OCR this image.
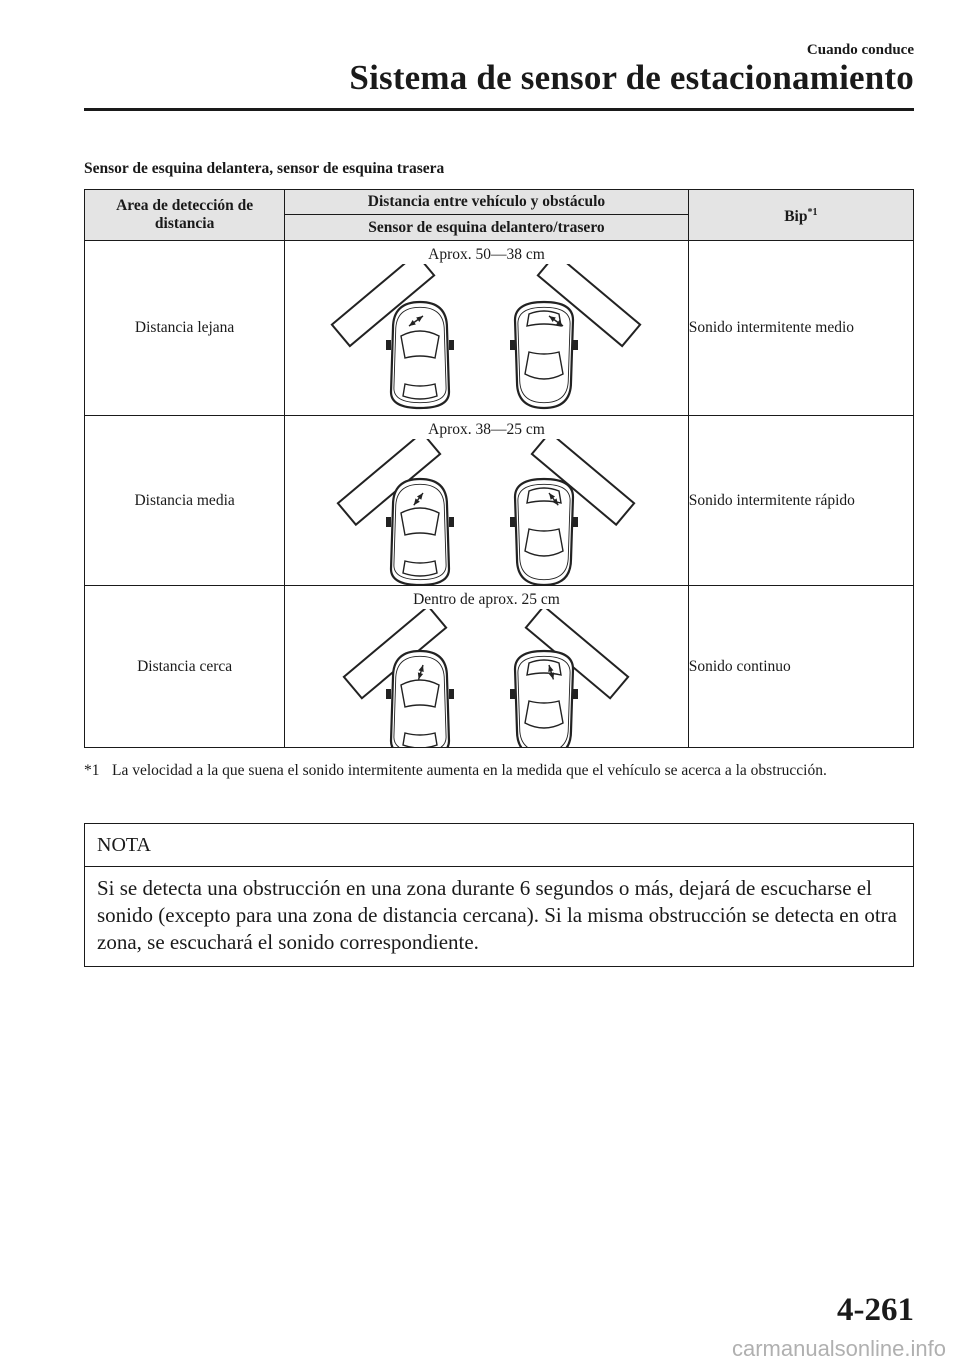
Cuando conduce
Sistema de sensor de estacionamiento
Sensor de esquina delantera, sensor de esquina trasera
Area de detección de distancia	Distancia entre vehículo y obstáculo	Bip$^{*1}$
	Sensor de esquina delantero/trasero	
Distancia lejana	Aprox. 50―38 cm	Sonido intermitente medio
Distancia media	Aprox. 38―25 cm	Sonido intermitente rápido
Distancia cerca	Dentro de aprox. 25 cm	Sonido continuo
*1 La velocidad a la que suena el sonido intermitente aumenta en la medida que el vehículo se acerca a la obstrucción.
NOTA
Si se detecta una obstrucción en una zona durante 6 segundos o más, dejará de escucharse el sonido (excepto para una zona de distancia cercana). Si la misma obstrucción se detecta en otra zona, se escuchará el sonido correspondiente.
4-261
carmanualsonline.info
